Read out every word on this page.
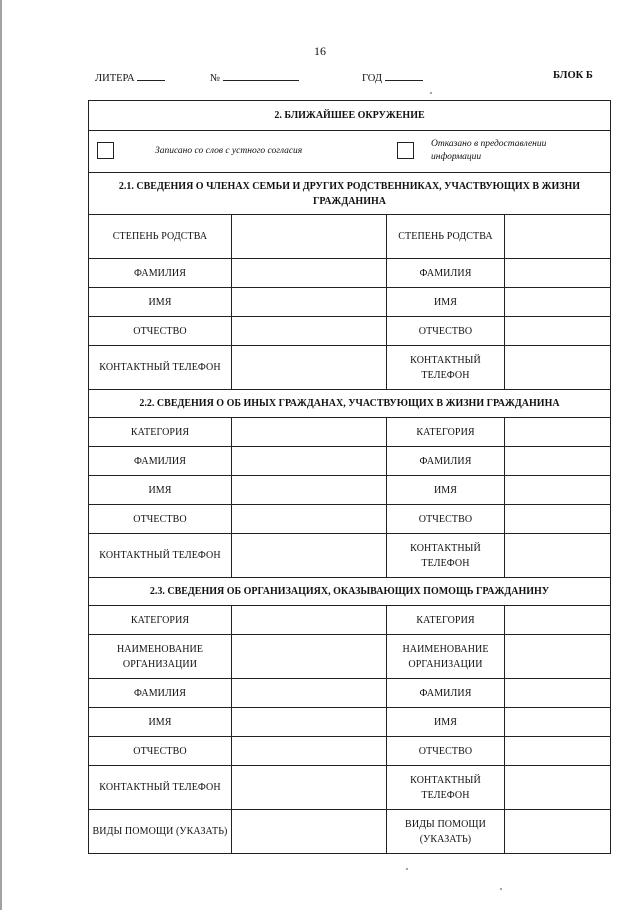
16
ЛИТЕРА	№	ГОД	БЛОК Б
2. БЛИЖАЙШЕЕ ОКРУЖЕНИЕ			

Записано со слов с устного согласия
Отказано в предоставлении информации			

2.1. СВЕДЕНИЯ О ЧЛЕНАХ СЕМЬИ И ДРУГИХ РОДСТВЕННИКАХ, УЧАСТВУЮЩИХ В ЖИЗНИ ГРАЖДАНИНА			
СТЕПЕНЬ РОДСТВА		СТЕПЕНЬ РОДСТВА	
ФАМИЛИЯ		ФАМИЛИЯ	
ИМЯ		ИМЯ	
ОТЧЕСТВО		ОТЧЕСТВО	
КОНТАКТНЫЙ ТЕЛЕФОН		КОНТАКТНЫЙ ТЕЛЕФОН	
2.2. СВЕДЕНИЯ О ОБ ИНЫХ ГРАЖДАНАХ, УЧАСТВУЮЩИХ В ЖИЗНИ ГРАЖДАНИНА			
КАТЕГОРИЯ		КАТЕГОРИЯ	
ФАМИЛИЯ		ФАМИЛИЯ	
ИМЯ		ИМЯ	
ОТЧЕСТВО		ОТЧЕСТВО	
КОНТАКТНЫЙ ТЕЛЕФОН		КОНТАКТНЫЙ ТЕЛЕФОН	
2.3. СВЕДЕНИЯ ОБ ОРГАНИЗАЦИЯХ, ОКАЗЫВАЮЩИХ ПОМОЩЬ ГРАЖДАНИНУ			
КАТЕГОРИЯ		КАТЕГОРИЯ	
НАИМЕНОВАНИЕ ОРГАНИЗАЦИИ		НАИМЕНОВАНИЕ ОРГАНИЗАЦИИ	
ФАМИЛИЯ		ФАМИЛИЯ	
ИМЯ		ИМЯ	
ОТЧЕСТВО		ОТЧЕСТВО	
КОНТАКТНЫЙ ТЕЛЕФОН		КОНТАКТНЫЙ ТЕЛЕФОН	
ВИДЫ ПОМОЩИ (УКАЗАТЬ)		ВИДЫ ПОМОЩИ (УКАЗАТЬ)	
